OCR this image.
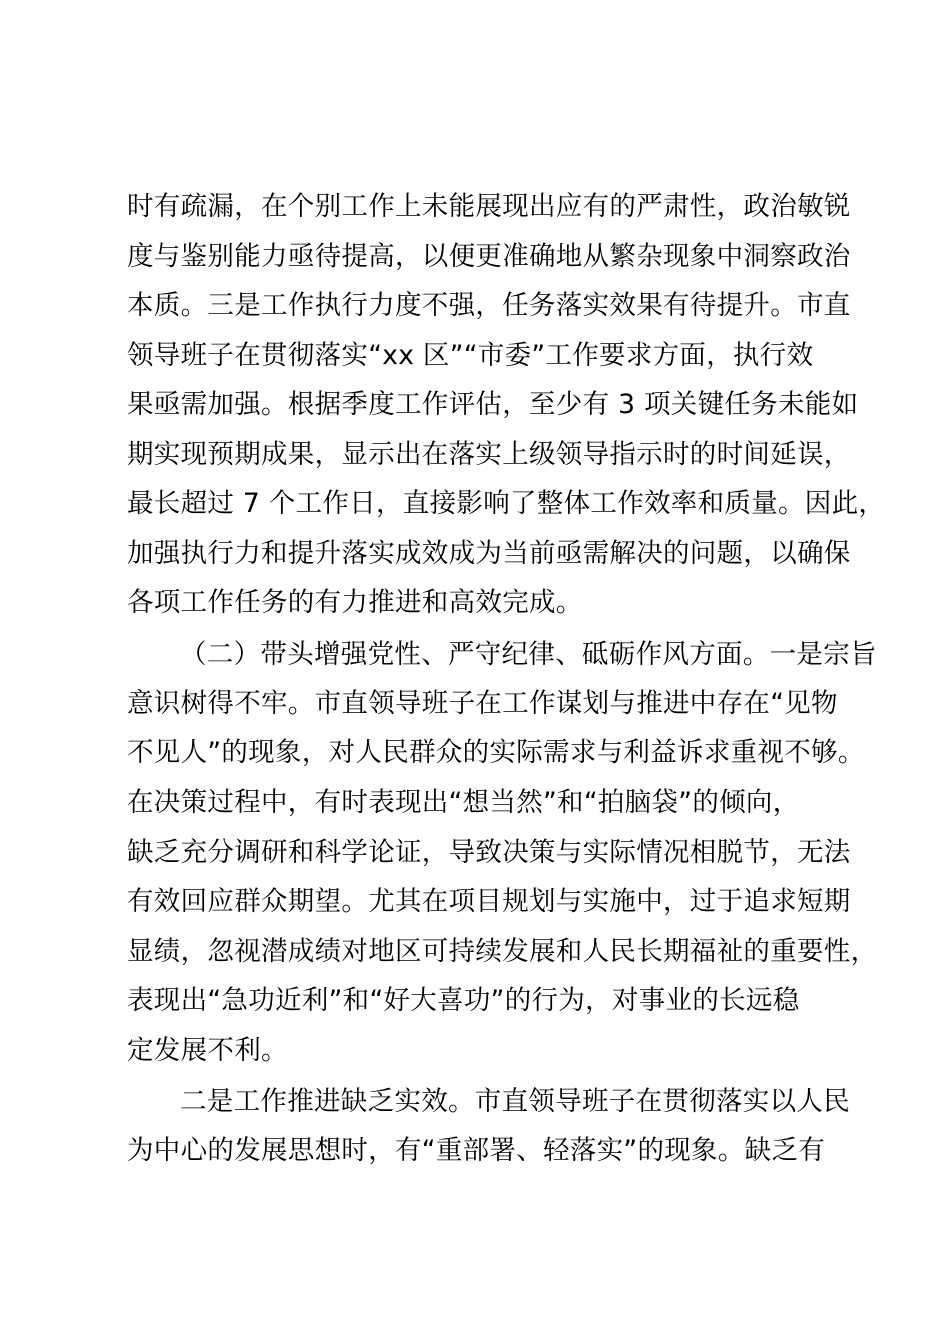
时有疏漏，在个别工作上未能展现出应有的严肃性，政治敏锐
度与鉴别能力亟待提高，以便更准确地从繁杂现象中洞察政治
本质。三是工作执行力度不强，任务落实效果有待提升。市直
领导班子在贯彻落实“xx 区”“市委”工作要求方面，执行效
果亟需加强。根据季度工作评估，至少有 3 项关键任务未能如
期实现预期成果，显示出在落实上级领导指示时的时间延误，
最长超过 7 个工作日，直接影响了整体工作效率和质量。因此，
加强执行力和提升落实成效成为当前亟需解决的问题，以确保
各项工作任务的有力推进和高效完成。
（二）带头增强党性、严守纪律、砥砺作风方面。一是宗旨
意识树得不牢。市直领导班子在工作谋划与推进中存在“见物
不见人”的现象，对人民群众的实际需求与利益诉求重视不够。
在决策过程中，有时表现出“想当然”和“拍脑袋”的倾向，
缺乏充分调研和科学论证，导致决策与实际情况相脱节，无法
有效回应群众期望。尤其在项目规划与实施中，过于追求短期
显绩，忽视潜成绩对地区可持续发展和人民长期福祉的重要性，
表现出“急功近利”和“好大喜功”的行为，对事业的长远稳
定发展不利。
二是工作推进缺乏实效。市直领导班子在贯彻落实以人民
为中心的发展思想时，有“重部署、轻落实”的现象。缺乏有
